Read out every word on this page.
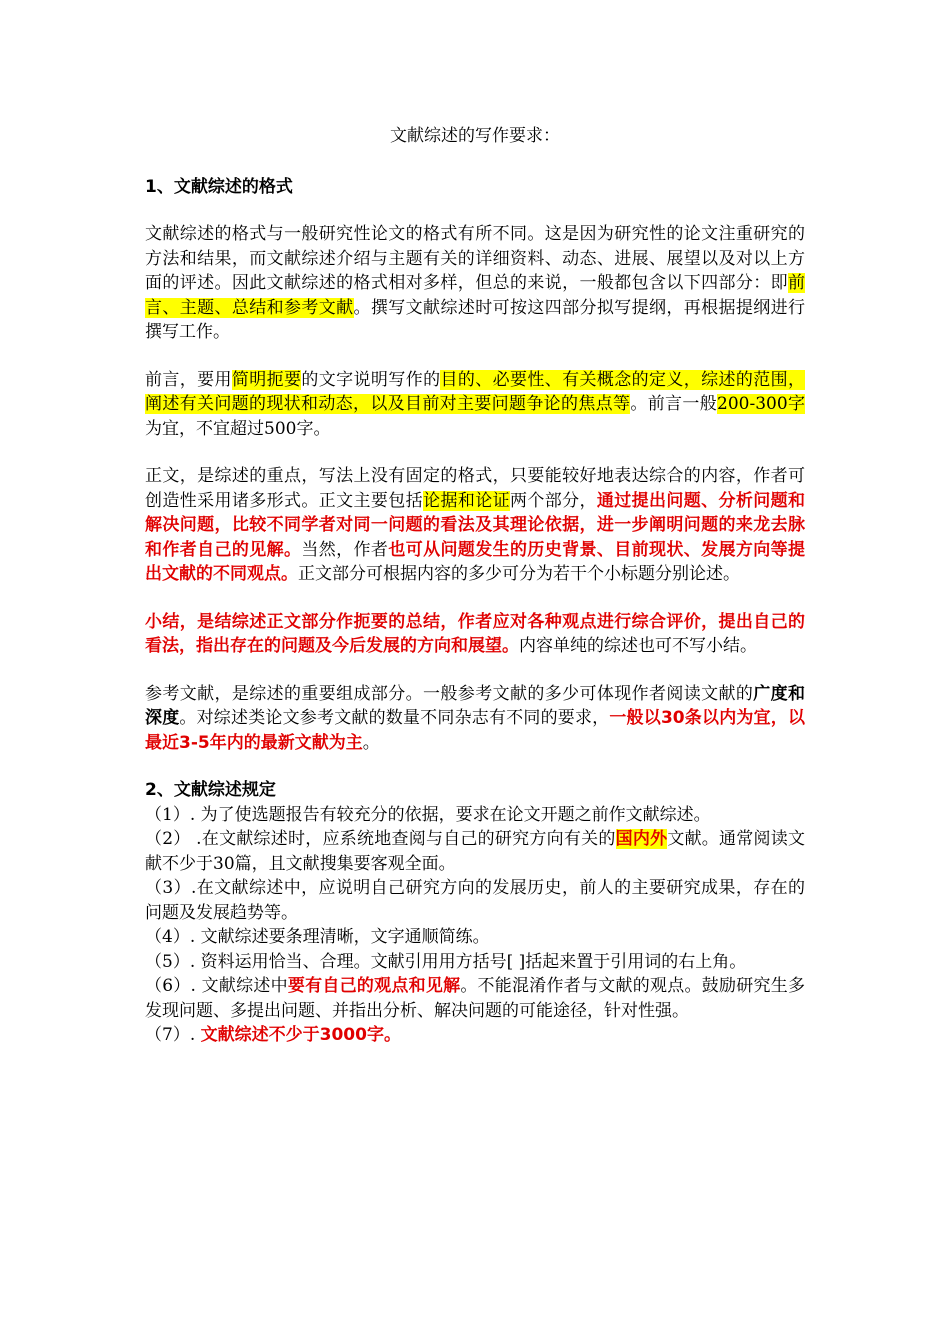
文献综述的写作要求：
1、文献综述的格式

文献综述的格式与一般研究性论文的格式有所不同。这是因为研究性的论文注重研究的方法和结果，而文献综述介绍与主题有关的详细资料、动态、进展、展望以及对以上方面的评述。因此文献综述的格式相对多样，但总的来说，一般都包含以下四部分：即前言、主题、总结和参考文献。撰写文献综述时可按这四部分拟写提纲，再根据提纲进行撰写工作。

前言，要用简明扼要的文字说明写作的目的、必要性、有关概念的定义，综述的范围，阐述有关问题的现状和动态，以及目前对主要问题争论的焦点等。前言一般200-300字为宜，不宜超过500字。

正文，是综述的重点，写法上没有固定的格式，只要能较好地表达综合的内容，作者可创造性采用诸多形式。正文主要包括论据和论证两个部分，通过提出问题、分析问题和解决问题，比较不同学者对同一问题的看法及其理论依据，进一步阐明问题的来龙去脉和作者自己的见解。当然，作者也可从问题发生的历史背景、目前现状、发展方向等提出文献的不同观点。正文部分可根据内容的多少可分为若干个小标题分别论述。

小结，是结综述正文部分作扼要的总结，作者应对各种观点进行综合评价，提出自己的看法，指出存在的问题及今后发展的方向和展望。内容单纯的综述也可不写小结。

参考文献，是综述的重要组成部分。一般参考文献的多少可体现作者阅读文献的广度和深度。对综述类论文参考文献的数量不同杂志有不同的要求，一般以30条以内为宜，以最近3-5年内的最新文献为主。

2、文献综述规定

（1）. 为了使选题报告有较充分的依据，要求在论文开题之前作文献综述。

（2） .在文献综述时，应系统地查阅与自己的研究方向有关的国内外文献。通常阅读文献不少于30篇，且文献搜集要客观全面。

（3）.在文献综述中，应说明自己研究方向的发展历史，前人的主要研究成果，存在的问题及发展趋势等。

（4）. 文献综述要条理清晰，文字通顺简练。

（5）. 资料运用恰当、合理。文献引用用方括号[ ]括起来置于引用词的右上角。

（6）. 文献综述中要有自己的观点和见解。不能混淆作者与文献的观点。鼓励研究生多发现问题、多提出问题、并指出分析、解决问题的可能途径，针对性强。

（7）. 文献综述不少于3000字。
